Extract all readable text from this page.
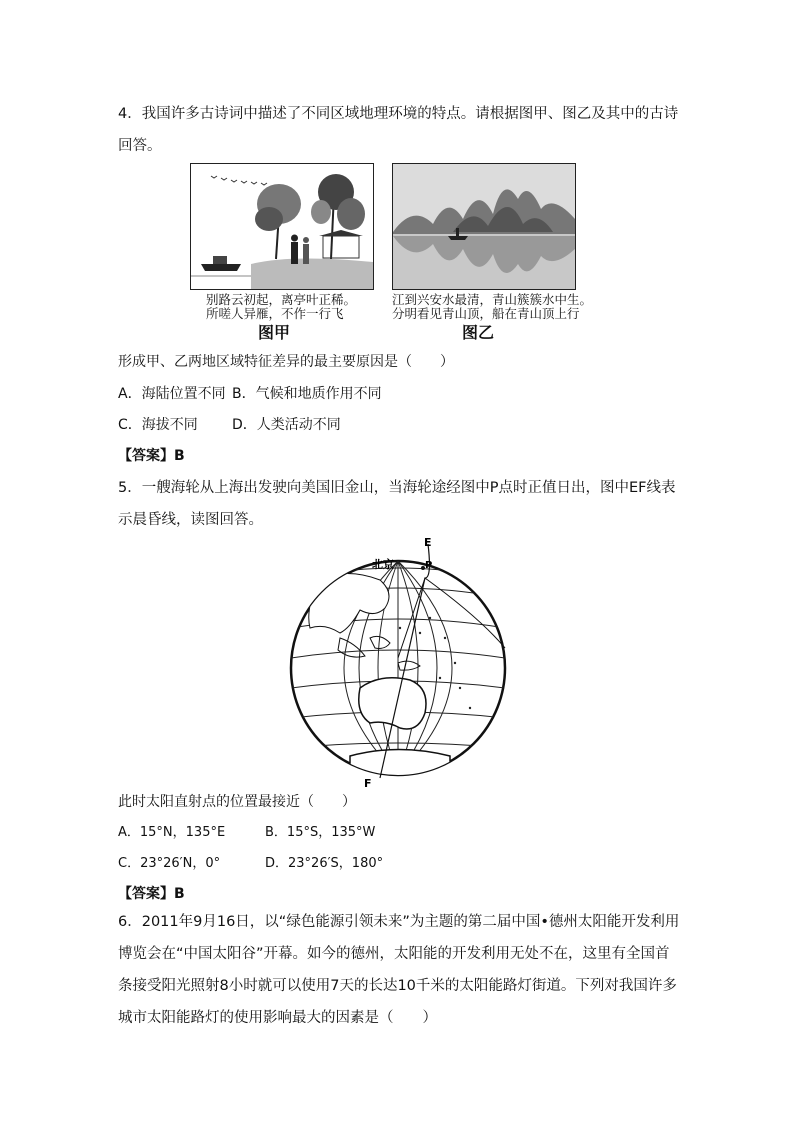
4．我国许多古诗词中描述了不同区域地理环境的特点。请根据图甲、图乙及其中的古诗回答。
别路云初起，离亭叶正稀。
所嗟人异雁，不作一行飞
图甲
江到兴安水最清，青山簇簇水中生。
分明看见青山顶，船在青山顶上行
图乙
形成甲、乙两地区域特征差异的最主要原因是（　　）
A．海陆位置不同 B．气候和地质作用不同
C．海拔不同 D．人类活动不同
【答案】B
5．一艘海轮从上海出发驶向美国旧金山，当海轮途经图中P点时正值日出，图中EF线表示晨昏线，读图回答。
E
P
北京
F
此时太阳直射点的位置最接近（　　）
A．15°N，135°E	B．15°S，135°W
C．23°26′N，0°	D．23°26′S，180°
【答案】B
6．2011年9月16日，以“绿色能源引领未来”为主题的第二届中国•德州太阳能开发利用博览会在“中国太阳谷”开幕。如今的德州，太阳能的开发利用无处不在，这里有全国首条接受阳光照射8小时就可以使用7天的长达10千米的太阳能路灯街道。下列对我国许多城市太阳能路灯的使用影响最大的因素是（　　）
